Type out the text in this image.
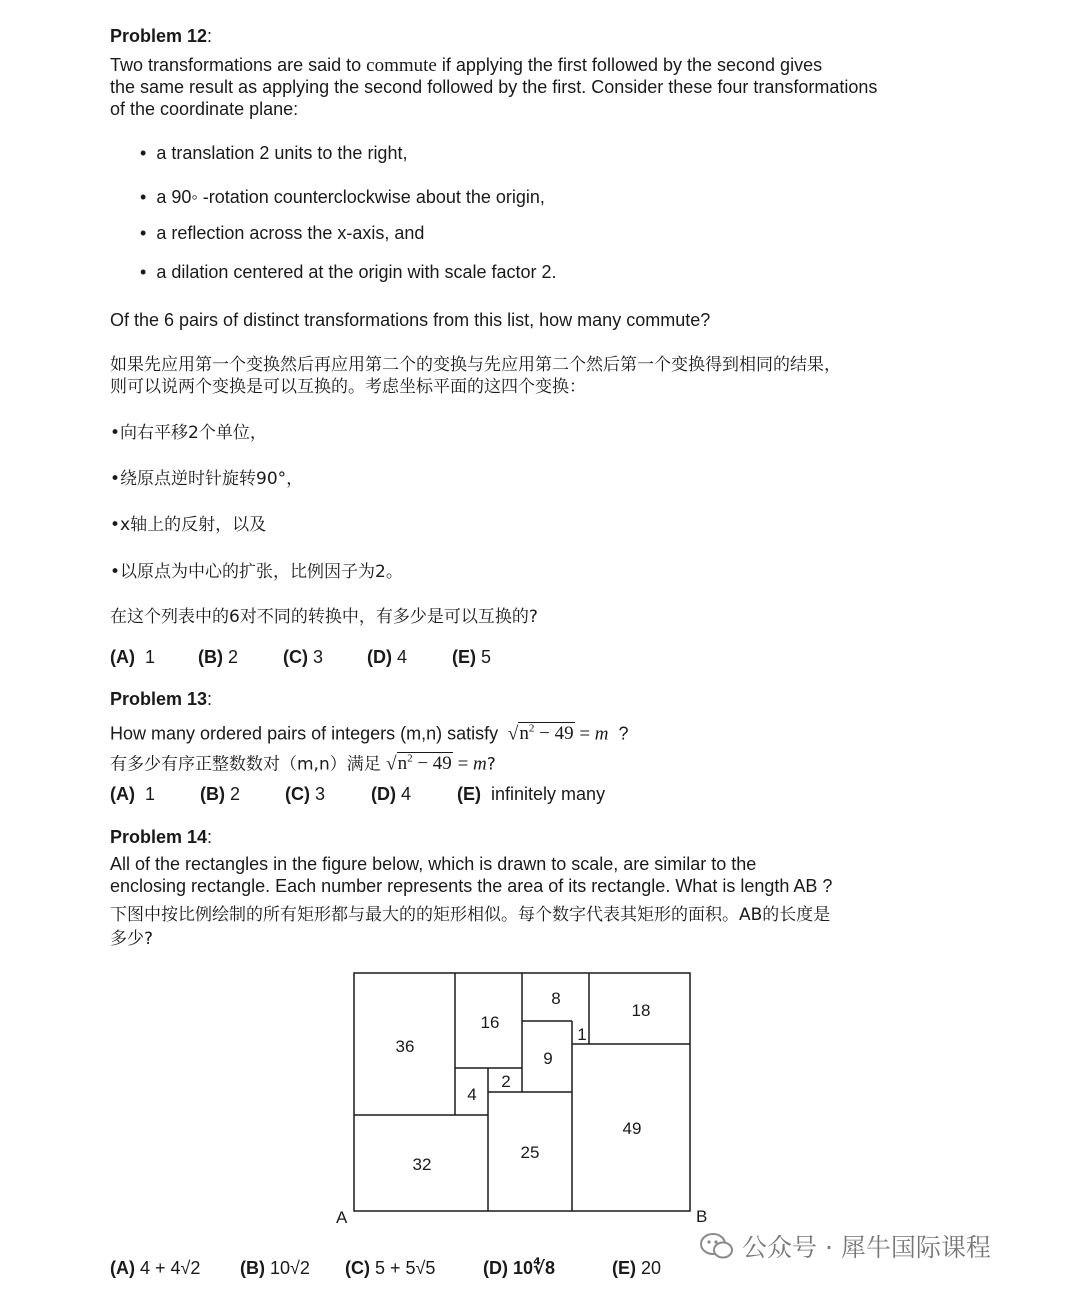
Problem 12:
Two transformations are said to commute if applying the first followed by the second gives
the same result as applying the second followed by the first. Consider these four transformations
of the coordinate plane:
•  a translation 2 units to the right,
•  a 90◦ -rotation counterclockwise about the origin,
•  a reflection across the x-axis, and
•  a dilation centered at the origin with scale factor 2.
Of the 6 pairs of distinct transformations from this list, how many commute?
如果先应用第一个变换然后再应用第二个的变换与先应用第二个然后第一个变换得到相同的结果，
则可以说两个变换是可以互换的。考虑坐标平面的这四个变换：
•向右平移2个单位，
•绕原点逆时针旋转90°，
•x轴上的反射，以及
•以原点为中心的扩张，比例因子为2。
在这个列表中的6对不同的转换中，有多少是可以互换的?
(A) 1 (B) 2 (C) 3 (D) 4 (E) 5
Problem 13:
How many ordered pairs of integers (m,n) satisfy  $√n^2 - 49 = m$ ?
有多少有序正整数数对（m,n）满足 $√n^2 - 49 = m$?
(A) 1 (B) 2 (C) 3	(D) 4	(E) infinitely many
Problem 14:
All of the rectangles in the figure below, which is drawn to scale, are similar to the
enclosing rectangle. Each number represents the area of its rectangle. What is length AB ?
下图中按比例绘制的所有矩形都与最大的的矩形相似。每个数字代表其矩形的面积。AB的长度是
多少?
36
16
8
18
1
9
2
4
49
25
32
A	B
(A) 4 + 4√2 (B) 10√2 (C) 5 + 5√5	(D) 10∜8	(E) 20
公众号 · 犀牛国际课程
